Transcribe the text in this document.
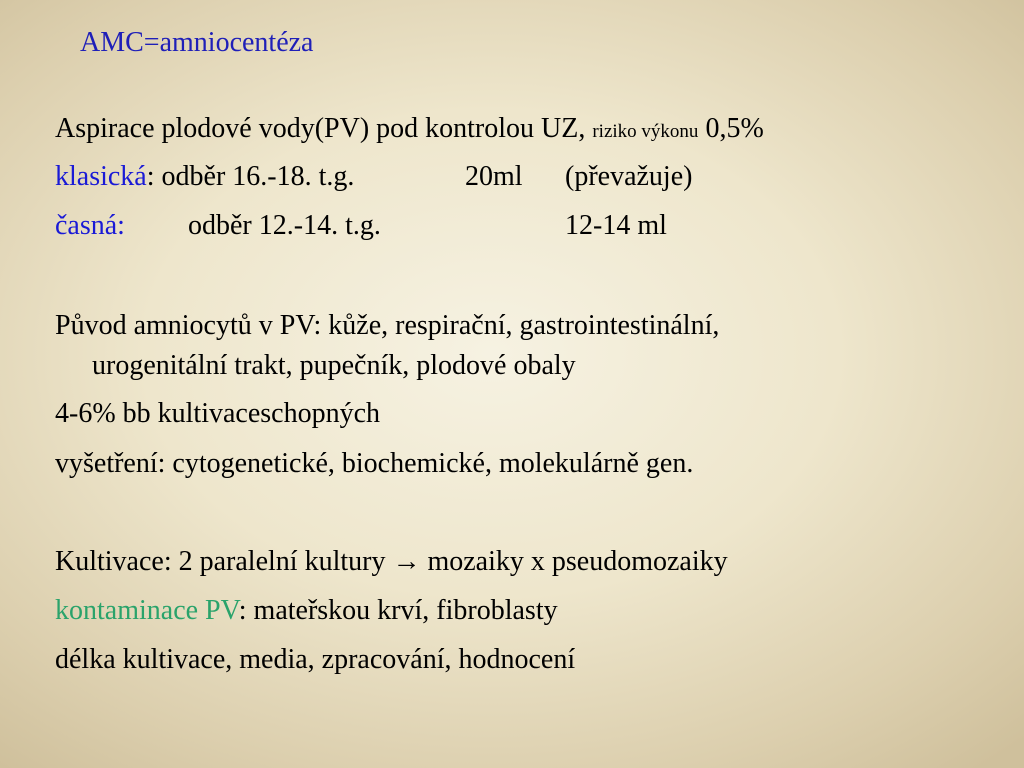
AMC=amniocentéza
Aspirace plodové vody(PV) pod kontrolou UZ, riziko výkonu 0,5%
klasická: odběr 16.-18. t.g.	20ml (převažuje)
časná: odběr 12.-14. t.g.	12-14 ml
Původ amniocytů v PV: kůže, respirační, gastrointestinální,
urogenitální trakt, pupečník, plodové obaly
4-6% bb kultivaceschopných
vyšetření: cytogenetické, biochemické, molekulárně gen.
Kultivace: 2 paralelní kultury → mozaiky x pseudomozaiky
kontaminace PV: mateřskou krví, fibroblasty
délka kultivace, media, zpracování, hodnocení
